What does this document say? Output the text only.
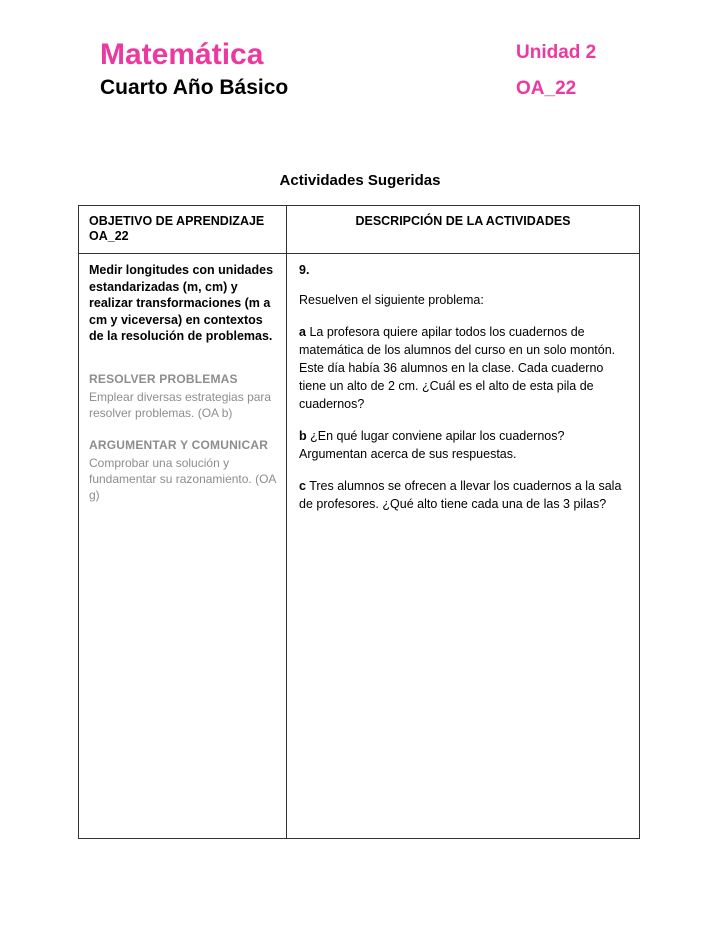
Matemática
Cuarto Año Básico
Unidad 2
OA_22
Actividades Sugeridas
OBJETIVO DE APRENDIZAJE
OA_22
DESCRIPCIÓN DE LA ACTIVIDADES

Medir longitudes con unidades estandarizadas (m, cm) y realizar transformaciones (m a cm y viceversa) en contextos de la resolución de problemas.

RESOLVER PROBLEMAS

Emplear diversas estrategias para resolver problemas. (OA b)

ARGUMENTAR Y COMUNICAR

Comprobar una solución y fundamentar su razonamiento. (OA g)

9.

Resuelven el siguiente problema:

a La profesora quiere apilar todos los cuadernos de matemática de los alumnos del curso en un solo montón. Este día había 36 alumnos en la clase. Cada cuaderno tiene un alto de 2 cm. ¿Cuál es el alto de esta pila de cuadernos?

b ¿En qué lugar conviene apilar los cuadernos? Argumentan acerca de sus respuestas.

c Tres alumnos se ofrecen a llevar los cuadernos a la sala de profesores. ¿Qué alto tiene cada una de las 3 pilas?
